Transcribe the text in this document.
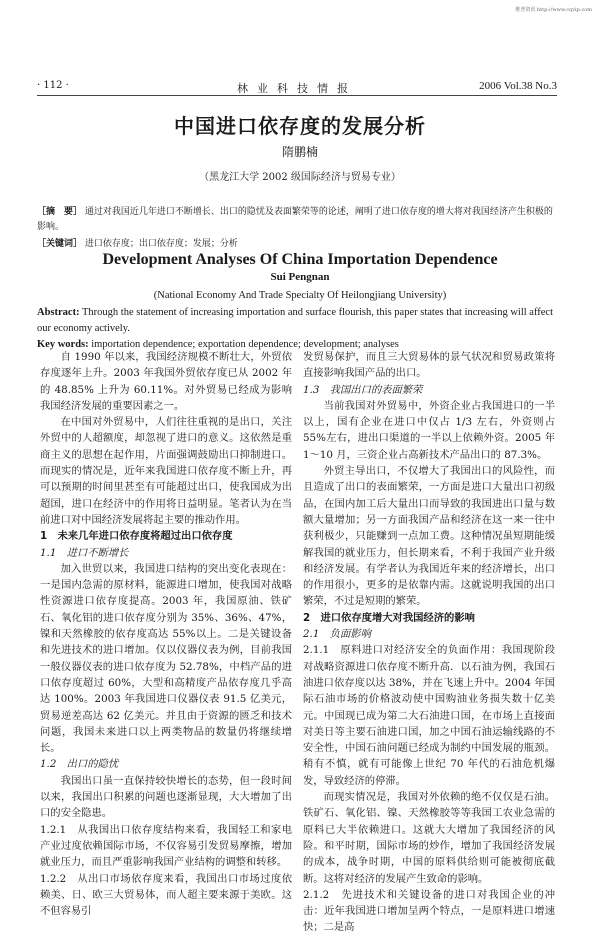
维普资讯 http://www.cqvip.com
· 112 ·	林业科技情报	2006 Vol.38 No.3
中国进口依存度的发展分析
隋鹏楠
（黑龙江大学 2002 级国际经济与贸易专业）
［摘　要］ 通过对我国近几年进口不断增长、出口的隐忧及表面繁荣等的论述，阐明了进口依存度的增大将对我国经济产生积极的影响。
［关键词］ 进口依存度；出口依存度；发展；分析
Development Analyses Of China Importation Dependence
Sui Pengnan
(National Economy And Trade Specialty Of Heilongjiang University)
Abstract: Through the statement of increasing importation and surface flourish, this paper states that increasing will affect our economy actively.
Key words: importation dependence; exportation dependence; development; analyses

自 1990 年以来，我国经济规模不断壮大，外贸依存度逐年上升。2003 年我国外贸依存度已从 2002 年的 48.85% 上升为 60.11%。对外贸易已经成为影响我国经济发展的重要因素之一。

在中国对外贸易中，人们往往重视的是出口，关注外贸中的人超额度，却忽视了进口的意义。这依然是重商主义的思想在起作用，片面强调鼓励出口抑制进口。而现实的情况是，近年来我国进口依存度不断上升，再可以预期的时间里甚至有可能超过出口，使我国成为出超国，进口在经济中的作用将日益明显。笔者认为在当前进口对中国经济发展将起主要的推动作用。

1　未来几年进口依存度将超过出口依存度

1.1　进口不断增长

加入世贸以来，我国进口结构的突出变化表现在：一是国内急需的原材料，能源进口增加，使我国对战略性资源进口依存度提高。2003 年，我国原油、铁矿石、氧化铝的进口依存度分别为 35%、36%、47%，镍和天然橡胶的依存度高达 55%以上。二是关键设备和先进技术的进口增加。仅以仪器仪表为例，目前我国一般仪器仪表的进口依存度为 52.78%，中档产品的进口依存度超过 60%，大型和高精度产品依存度几乎高达 100%。2003 年我国进口仪器仪表 91.5 亿美元，贸易逆差高达 62 亿美元。并且由于资源的匮乏和技术问题，我国未来进口以上两类物品的数量仍将继续增长。

1.2　出口的隐忧

我国出口虽一直保持较快增长的态势，但一段时间以来，我国出口积累的问题也逐渐显现，大大增加了出口的安全隐患。

1.2.1　从我国出口依存度结构来看，我国轻工和家电产业过度依赖国际市场，不仅容易引发贸易摩擦，增加就业压力，而且严重影响我国产业结构的调整和转移。

1.2.2　从出口市场依存度来看，我国出口市场过度依赖美、日、欧三大贸易体，而人超主要来源于美欧。这不但容易引

发贸易保护，而且三大贸易体的景气状况和贸易政策将直接影响我国产品的出口。

1.3　我国出口的表面繁荣

当前我国对外贸易中，外资企业占我国进口的一半以上，国有企业在进口中仅占 1/3 左右，外资则占 55%左右，进出口渠道的一半以上依赖外资。2005 年 1～10 月，三资企业占高新技术产品出口的 87.3%。

外贸主导出口，不仅增大了我国出口的风险性，而且造成了出口的表面繁荣，一方面是进口大量出口初级品，在国内加工后大量出口而导致的我国进出口量与数额大量增加；另一方面我国产品和经济在这一来一往中获利极少，只能赚到一点加工费。这种情况虽短期能缓解我国的就业压力，但长期来看，不利于我国产业升级和经济发展。有学者认为我国近年来的经济增长，出口的作用很小，更多的是依靠内需。这就说明我国的出口繁荣，不过是短期的繁荣。

2　进口依存度增大对我国经济的影响

2.1　负面影响

2.1.1　原料进口对经济安全的负面作用：我国现阶段对战略资源进口依存度不断升高．以石油为例，我国石油进口依存度以达 38%，并在飞速上升中。2004 年国际石油市场的价格波动使中国购油业务损失数十亿美元。中国现已成为第二大石油进口国，在市场上直接面对美日等主要石油进口国，加之中国石油运输线路的不安全性，中国石油问题已经成为制约中国发展的瓶颈。稍有不慎，就有可能像上世纪 70 年代的石油危机爆发，导致经济的停滞。

而现实情况是，我国对外依赖的绝不仅仅是石油。铁矿石、氧化铝、镍、天然橡胶等等我国工农业急需的原料已大半依赖进口。这就大大增加了我国经济的风险。和平时期，国际市场的炒作，增加了我国经济发展的成本，战争时期，中国的原料供给则可能被彻底截断。这将对经济的发展产生致命的影响。

2.1.2　先进技术和关键设备的进口对我国企业的冲击：近年我国进口增加呈两个特点，一是原料进口增速快；二是高
